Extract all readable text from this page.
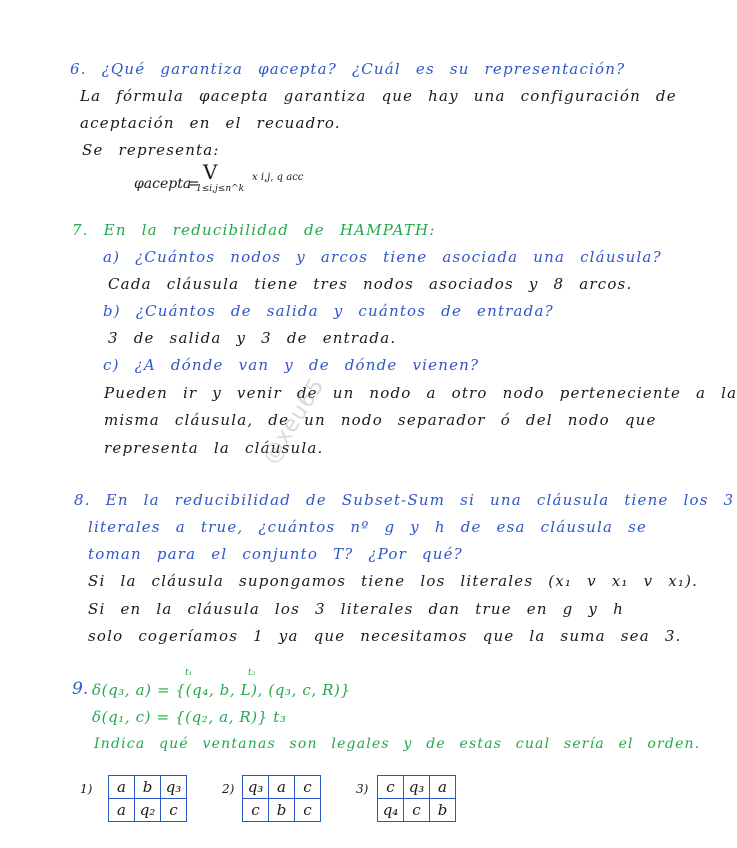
6. ¿Qué garantiza φacepta? ¿Cuál es su representación?
La fórmula φacepta garantiza que hay una configuración de
aceptación en el recuadro.
Se representa:
φacepta
= V
1≤i,j≤n^k
x i,j, q acc
7. En la reducibilidad de HAMPATH:
a) ¿Cuántos nodos y arcos tiene asociada una cláusula?
Cada cláusula tiene tres nodos asociados y 8 arcos.
b) ¿Cuántos de salida y cuántos de entrada?
3 de salida y 3 de entrada.
c) ¿A dónde van y de dónde vienen?
Pueden ir y venir de un nodo a otro nodo perteneciente a la
misma cláusula, de un nodo separador ó del nodo que
representa la cláusula.
@xeu65
8. En la reducibilidad de Subset-Sum si una cláusula tiene los 3
literales a true, ¿cuántos nº g y h de esa cláusula se
toman para el conjunto T? ¿Por qué?
Si la cláusula supongamos tiene los literales (x₁ v x₁ v x₁).
Si en la cláusula los 3 literales dan true en g y h
solo cogeríamos 1 ya que necesitamos que la suma sea 3.
9.
t₁	t₂
δ(q₃, a) = {(q₄, b, L), (q₃, c, R)}
δ(q₁, c) = {(q₂, a, R)} t₃
Indica qué ventanas son legales y de estas cual sería el orden.
1) a	b	q₃
a	q₂	c
2) q₃	a	c
c	b	c
3) c	q₃	a
q₄	c	b
